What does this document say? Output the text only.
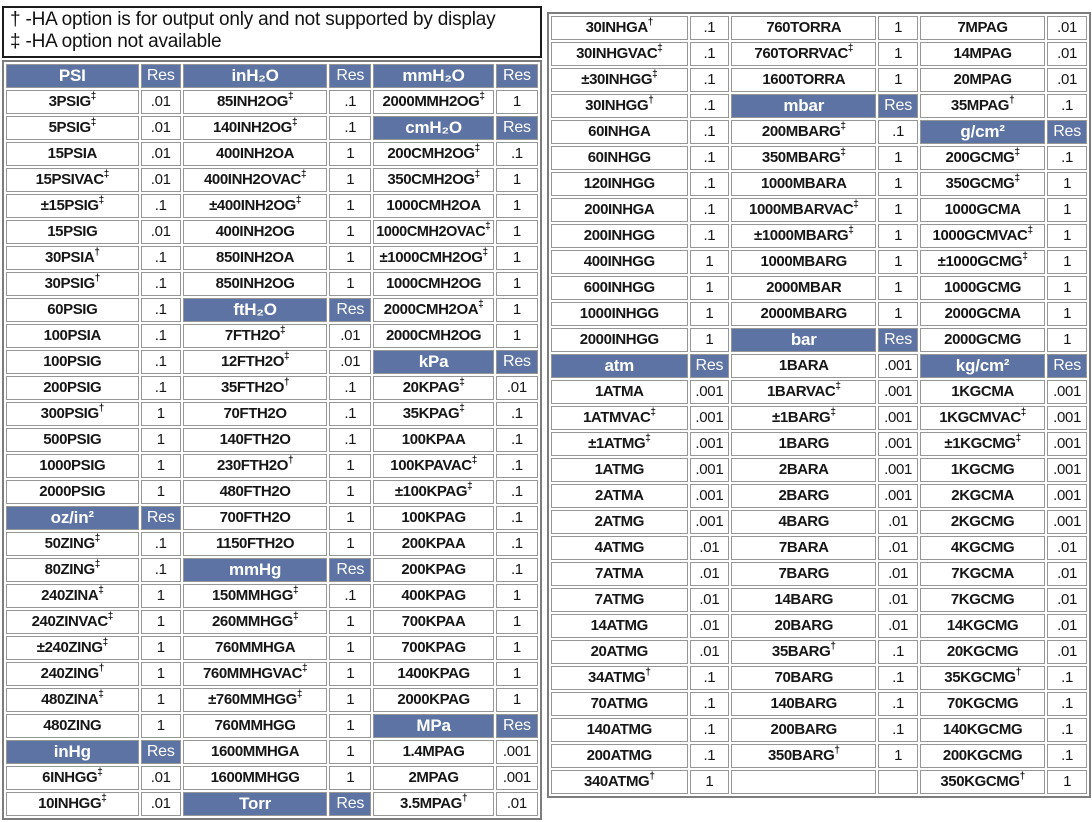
† -HA option is for output only and not supported by display
‡ -HA option not available
PSI	Res	inH₂O	Res	mmH₂O	Res
3PSIG‡	.01	85INH2OG‡	.1	2000MMH2OG‡	1
5PSIG‡	.01	140INH2OG‡	.1	cmH₂O	Res
15PSIA	.01	400INH2OA	1	200CMH2OG‡	.1
15PSIVAC‡	.01	400INH2OVAC‡	1	350CMH2OG‡	1
±15PSIG‡	.1	±400INH2OG‡	1	1000CMH2OA	1
15PSIG	.01	400INH2OG	1	1000CMH2OVAC‡	1
30PSIA†	.1	850INH2OA	1	±1000CMH2OG‡	1
30PSIG†	.1	850INH2OG	1	1000CMH2OG	1
60PSIG	.1	ftH₂O	Res	2000CMH2OA‡	1
100PSIA	.1	7FTH2O‡	.01	2000CMH2OG	1
100PSIG	.1	12FTH2O‡	.01	kPa	Res
200PSIG	.1	35FTH2O†	.1	20KPAG‡	.01
300PSIG†	1	70FTH2O	.1	35KPAG‡	.1
500PSIG	1	140FTH2O	.1	100KPAA	.1
1000PSIG	1	230FTH2O†	1	100KPAVAC‡	.1
2000PSIG	1	480FTH2O	1	±100KPAG‡	.1
oz/in²	Res	700FTH2O	1	100KPAG	.1
50ZING‡	.1	1150FTH2O	1	200KPAA	.1
80ZING‡	.1	mmHg	Res	200KPAG	.1
240ZINA‡	1	150MMHGG‡	.1	400KPAG	1
240ZINVAC‡	1	260MMHGG‡	1	700KPAA	1
±240ZING‡	1	760MMHGA	1	700KPAG	1
240ZING†	1	760MMHGVAC‡	1	1400KPAG	1
480ZINA‡	1	±760MMHGG‡	1	2000KPAG	1
480ZING	1	760MMHGG	1	MPa	Res
inHg	Res	1600MMHGA	1	1.4MPAG	.001
6INHGG‡	.01	1600MMHGG	1	2MPAG	.001
10INHGG‡	.01	Torr	Res	3.5MPAG†	.01
30INHGA†	.1	760TORRA	1	7MPAG	.01
30INHGVAC‡	.1	760TORRVAC‡	1	14MPAG	.01
±30INHGG‡	.1	1600TORRA	1	20MPAG	.01
30INHGG†	.1	mbar	Res	35MPAG†	.1
60INHGA	.1	200MBARG‡	.1	g/cm²	Res
60INHGG	.1	350MBARG‡	1	200GCMG‡	.1
120INHGG	.1	1000MBARA	1	350GCMG‡	1
200INHGA	.1	1000MBARVAC‡	1	1000GCMA	1
200INHGG	.1	±1000MBARG‡	1	1000GCMVAC‡	1
400INHGG	1	1000MBARG	1	±1000GCMG‡	1
600INHGG	1	2000MBAR	1	1000GCMG	1
1000INHGG	1	2000MBARG	1	2000GCMA	1
2000INHGG	1	bar	Res	2000GCMG	1
atm	Res	1BARA	.001	kg/cm²	Res
1ATMA	.001	1BARVAC‡	.001	1KGCMA	.001
1ATMVAC‡	.001	±1BARG‡	.001	1KGCMVAC‡	.001
±1ATMG‡	.001	1BARG	.001	±1KGCMG‡	.001
1ATMG	.001	2BARA	.001	1KGCMG	.001
2ATMA	.001	2BARG	.001	2KGCMA	.001
2ATMG	.001	4BARG	.01	2KGCMG	.001
4ATMG	.01	7BARA	.01	4KGCMG	.01
7ATMA	.01	7BARG	.01	7KGCMA	.01
7ATMG	.01	14BARG	.01	7KGCMG	.01
14ATMG	.01	20BARG	.01	14KGCMG	.01
20ATMG	.01	35BARG†	.1	20KGCMG	.01
34ATMG†	.1	70BARG	.1	35KGCMG†	.1
70ATMG	.1	140BARG	.1	70KGCMG	.1
140ATMG	.1	200BARG	.1	140KGCMG	.1
200ATMG	.1	350BARG†	1	200KGCMG	.1
340ATMG†	1			350KGCMG†	1
